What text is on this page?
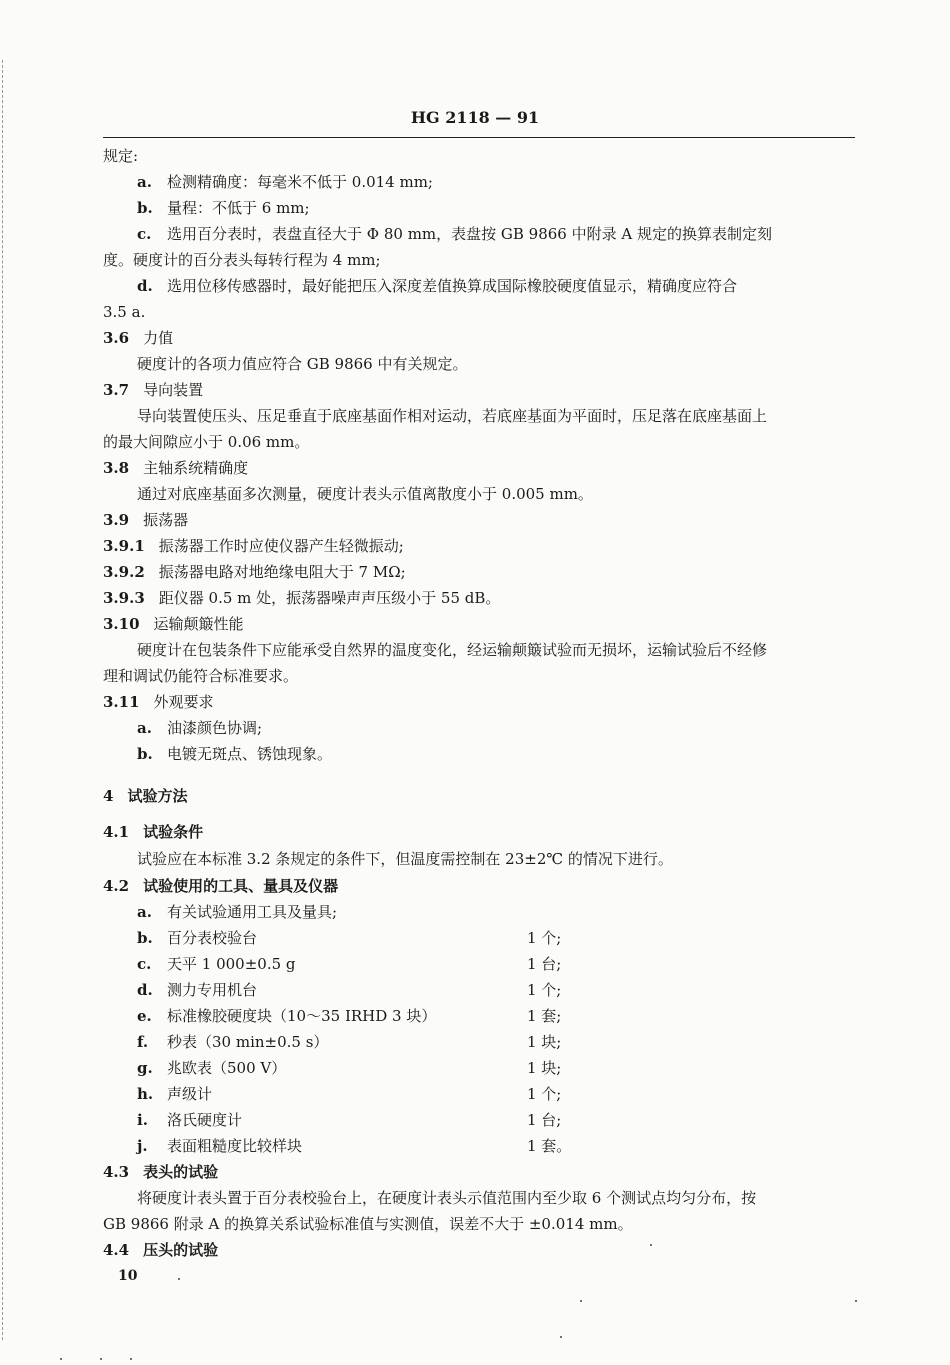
HG 2118 — 91
规定:
a. 检测精确度：每毫米不低于 0.014 mm;
b. 量程：不低于 6 mm;
c. 选用百分表时，表盘直径大于 Φ 80 mm，表盘按 GB 9866 中附录 A 规定的换算表制定刻
度。硬度计的百分表头每转行程为 4 mm;
d. 选用位移传感器时，最好能把压入深度差值换算成国际橡胶硬度值显示，精确度应符合
3.5 a.
3.6 力值
硬度计的各项力值应符合 GB 9866 中有关规定。
3.7 导向装置
导向装置使压头、压足垂直于底座基面作相对运动，若底座基面为平面时，压足落在底座基面上
的最大间隙应小于 0.06 mm。
3.8 主轴系统精确度
通过对底座基面多次测量，硬度计表头示值离散度小于 0.005 mm。
3.9 振荡器
3.9.1 振荡器工作时应使仪器产生轻微振动;
3.9.2 振荡器电路对地绝缘电阻大于 7 MΩ;
3.9.3 距仪器 0.5 m 处，振荡器噪声声压级小于 55 dB。
3.10 运输颠簸性能
硬度计在包装条件下应能承受自然界的温度变化，经运输颠簸试验而无损坏，运输试验后不经修
理和调试仍能符合标准要求。
3.11 外观要求
a. 油漆颜色协调;
b. 电镀无斑点、锈蚀现象。
4 试验方法
4.1 试验条件
试验应在本标准 3.2 条规定的条件下，但温度需控制在 23±2℃ 的情况下进行。
4.2 试验使用的工具、量具及仪器
a. 有关试验通用工具及量具;
b. 百分表校验台	1 个;
c. 天平 1 000±0.5 g	1 台;
d. 测力专用机台	1 个;
e. 标准橡胶硬度块（10～35 IRHD 3 块）	1 套;
f. 秒表（30 min±0.5 s）	1 块;
g. 兆欧表（500 V）	1 块;
h. 声级计	1 个;
i. 洛氏硬度计	1 台;
j. 表面粗糙度比较样块	1 套。
4.3 表头的试验
将硬度计表头置于百分表校验台上，在硬度计表头示值范围内至少取 6 个测试点均匀分布，按
GB 9866 附录 A 的换算关系试验标准值与实测值，误差不大于 ±0.014 mm。
4.4 压头的试验
10
